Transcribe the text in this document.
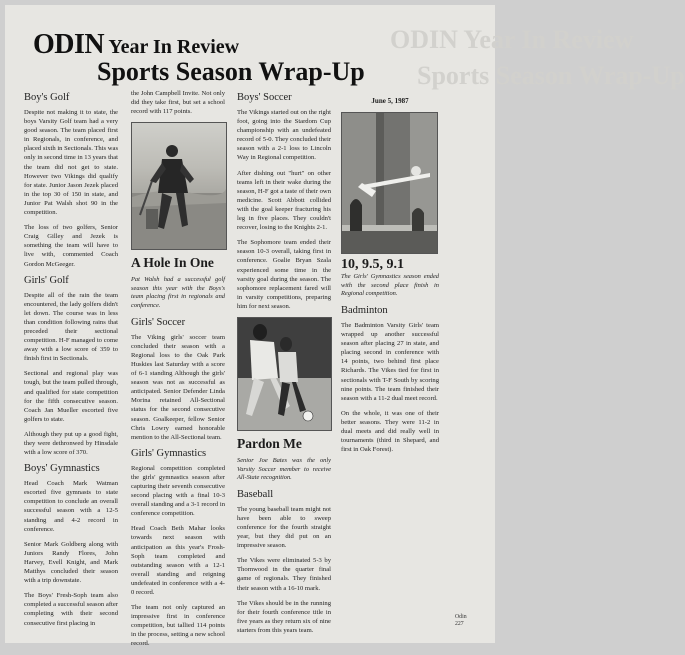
ODIN Year In Review
Sports Season Wrap-Up
ODIN Year In Review
Sports Season Wrap-Up
Boy's Golf

Despite not making it to state, the boys Varsity Golf team had a very good season. The team placed first in Regionals, in conference, and placed sixth in Sectionals. This was only in second time in 13 years that the team did not get to state. However two Vikings did qualify for state. Junior Jason Jezek placed in the top 30 of 150 in state, and Junior Pat Walsh shot 90 in the competition.

The loss of two golfers, Senior Craig Gilley and Jezek is something the team will have to live with, commented Coach Gordon McGeeger.

Girls' Golf

Despite all of the rain the team encountered, the lady golfers didn't let down. The course was in less than condition following rains that preceded their sectional competition. H-F managed to come away with a low score of 359 to finish first in Sectionals.

Sectional and regional play was tough, but the team pulled through, and qualified for state competition for the fifth consecutive season. Coach Jan Mueller escorted five golfers to state.

Although they put up a good fight, they were dethronwed by Hinsdale with a low score of 370.

Boys' Gymnastics

Head Coach Mark Watman escorted five gymnasts to state competition to conclude an overall successful season with a 12-5 standing and 4-2 record in conference.

Senior Mark Goldberg along with Juniors Randy Flores, John Harvey, Evell Knight, and Mark Matthys concluded their season with a trip downstate.

The Boys' Fresh-Soph team also completed a successful season after completing with their second consecutive first placing in

the John Campbell Invite. Not only did they take first, but set a school record with 117 points.

A Hole In One

Pat Walsh had a successful golf season this year with the Boys's team placing first in regionals and conference.

Girls' Soccer

The Viking girls' soccer team concluded their season with a Regional loss to the Oak Park Huskies last Saturday with a score of 6-1 standing Although the girls' season was not as successful as anticipated. Senior Defender Linda Morina retained All-Sectional status for the second consecutive season. Goalkeeper, fellow Senior Chris Lowry earned honorable mention to the All-Sectional team.

Girls' Gymnastics

Regional competition completed the girls' gymnastics season after capturing their seventh consecutive second placing with a final 10-3 overall standing and a 3-1 record in conference competition.

Head Coach Beth Mahar looks towards next season with anticipation as this year's Frosh-Soph team completed and outstanding season with a 12-1 overall standing and reigning undefeated in conference with a 4-0 record.

The team not only captured an impressive first in conference competition, but tallied 114 points in the process, setting a new school record.

Boys' Soccer

The Vikings started out on the right foot, going into the Stardom Cup championship with an undefeated record of 5-0. They concluded their season with a 2-1 loss to Lincoln Way in Regional competition.

After dishing out "hurt" on other teams left in their wake during the season, H-F got a taste of their own medicine. Scott Abbott collided with the goal keeper fracturing his leg in five places. They couldn't recover, losing to the Knights 2-1.

The Sophomore team ended their season 10-3 overall, taking first in conference. Goalie Bryan Szala experienced some time in the varsity goal during the season. The sophomore replacement fared will in varsity competitions, preparing him for next season.

Pardon Me

Senior Joe Bates was the only Varsity Soccer member to receive All-State recognition.

Baseball

The young baseball team might not have been able to sweep conference for the fourth straight year, but they did put on an impressive season.

The Vikes were eliminated 5-3 by Thornwood in the quarter final game of regionals. They finished their season with a 16-10 mark.

The Vikes should be in the running for their fourth conference title in five years as they return six of nine starters from this years team.

June 5, 1987
10, 9.5, 9.1

The Girls' Gymnastics season ended with the second place finish in Regional competition.

Badminton

The Badminton Varsity Girls' team wrapped up another successful season after placing 27 in state, and placing second in conference with 14 points, two behind first place Richards. The Vikes tied for first in sectionals with T-F South by scoring nine points. The team finished their season with a 11-2 dual meet record.

On the whole, it was one of their better seasons. They were 11-2 in dual meets and did really well in tournaments (third in Shepard, and first in Oak Forest).

Odin
227
